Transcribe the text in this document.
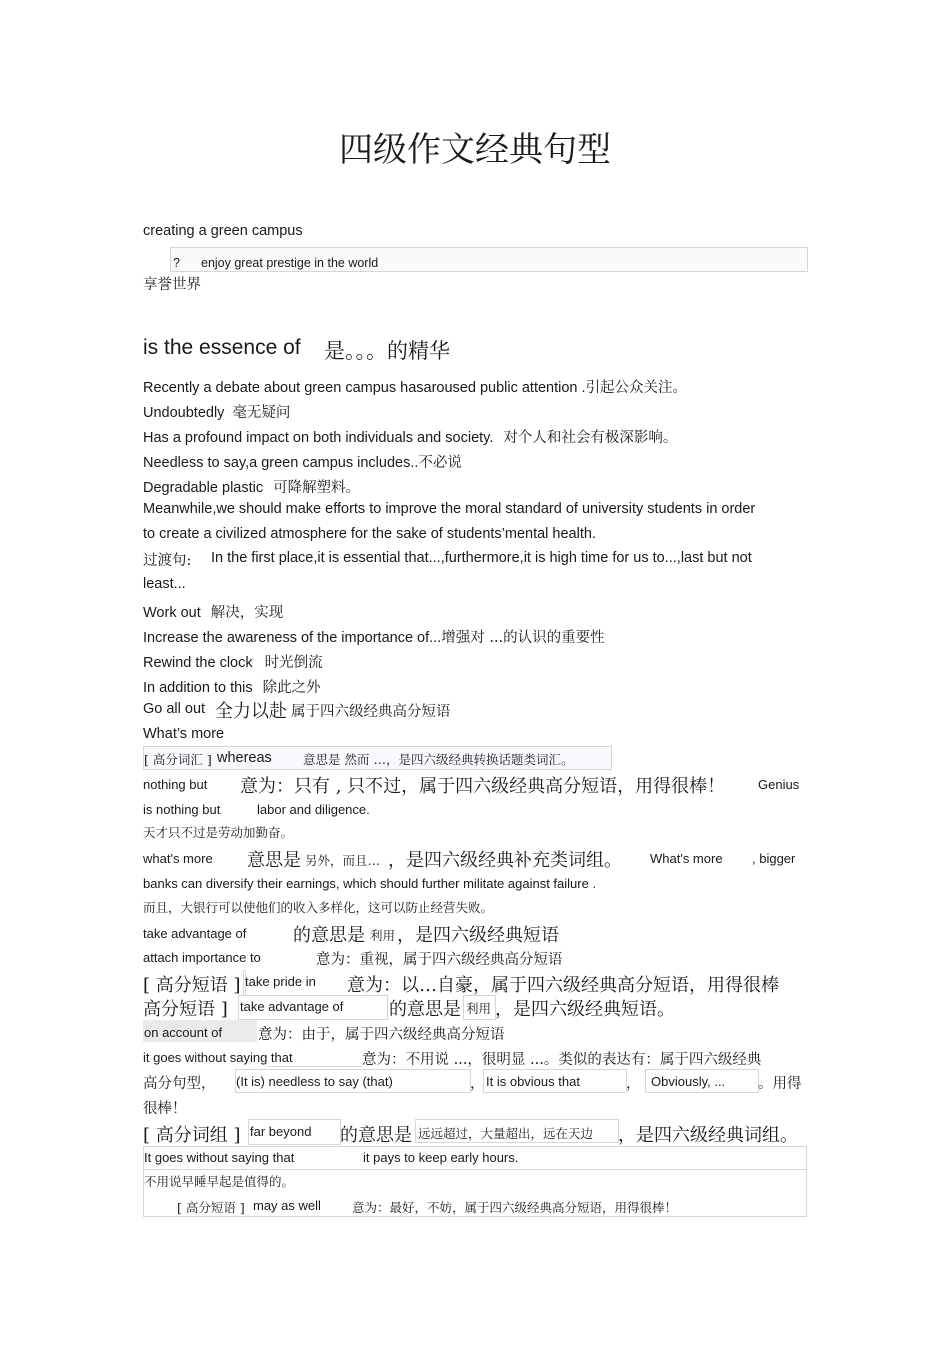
四级作文经典句型
creating a green campus
? enjoy great prestige in the world
享誉世界
is the essence of 是。。。的精华
Recently a debate about green campus hasaroused public attention .引起公众关注。
Undoubtedly 毫无疑问
Has a profound impact on both individuals and society. 对个人和社会有极深影响。
Needless to say,a green campus includes..不必说
Degradable plastic 可降解塑料。
Meanwhile,we should make efforts to improve the moral standard of university students in order
to create a civilized atmosphere for the sake of students’mental health.
过渡句: In the first place,it is essential that...,furthermore,it is high time for us to...,last but not
least...
Work out 解决，实现
Increase the awareness of the importance of...增强对 ...的认识的重要性
Rewind the clock 时光倒流
In addition to this 除此之外
Go all out 全力以赴 属于四六级经典高分短语
What’s more
[ 高分词汇 ] whereas 意思是 然而 …，是四六级经典转换话题类词汇。
nothing but 意为：只有 , 只不过，属于四六级经典高分短语，用得很棒！	Genius
is nothing but	labor and diligence.
天才只不过是劳动加勤奋。
what's more 意思是 另外，而且… ，是四六级经典补充类词组。 What's more , bigger
banks can diversify their earnings, which should further militate against failure .
而且，大银行可以使他们的收入多样化，这可以防止经营失败。
take advantage of	的意思是 利用 ，是四六级经典短语
attach importance to	意为：重视，属于四六级经典高分短语
[ 高分短语 ] take pride in 意为：以…自豪，属于四六级经典高分短语，用得很棒
高分短语 ] take advantage of	的意思是 利用 ，是四六级经典短语。
on account of 意为：由于，属于四六级经典高分短语
it goes without saying that	意为：不用说 ...，很明显 ...。类似的表达有：属于四六级经典
高分句型， (It is) needless to say (that)	， It is obvious that	， Obviously, ... 。用得
很棒！
[ 高分词组 ] far beyond 的意思是 远远超过，大量超出，远在天边 ，是四六级经典词组。
It goes without saying that	it pays to keep early hours.
不用说早睡早起是值得的。
[ 高分短语 ] may as well 意为：最好，不妨，属于四六级经典高分短语，用得很棒！
